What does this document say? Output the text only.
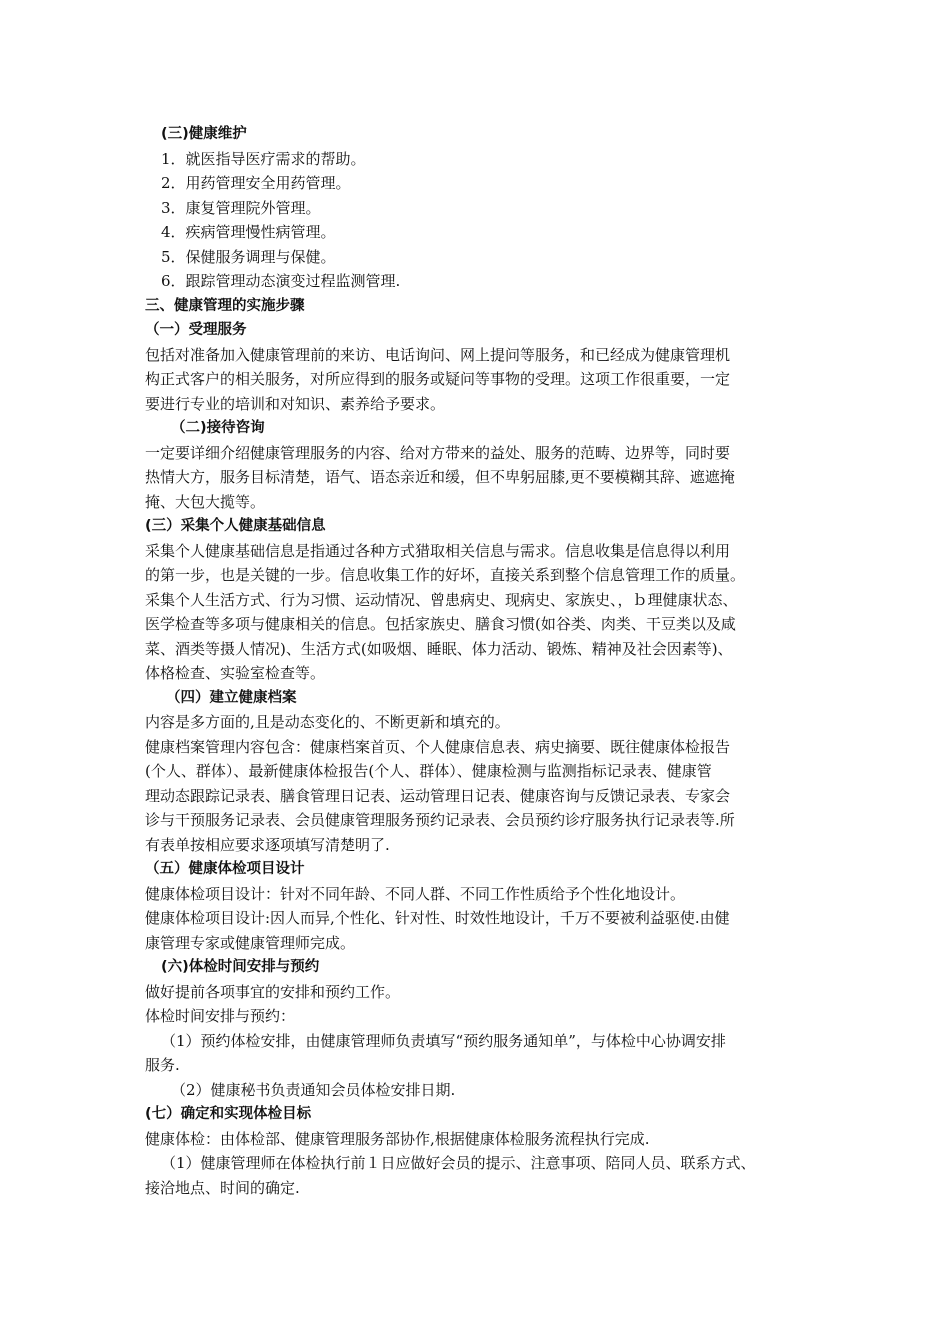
(三)健康维护
1．就医指导医疗需求的帮助。
2．用药管理安全用药管理。
3．康复管理院外管理。
4．疾病管理慢性病管理。
5．保健服务调理与保健。
6．跟踪管理动态演变过程监测管理.
三、健康管理的实施步骤
（一）受理服务
包括对准备加入健康管理前的来访、电话询问、网上提问等服务，和已经成为健康管理机
构正式客户的相关服务，对所应得到的服务或疑问等事物的受理。这项工作很重要，一定
要进行专业的培训和对知识、素养给予要求。
（二)接待咨询
一定要详细介绍健康管理服务的内容、给对方带来的益处、服务的范畴、边界等，同时要
热情大方，服务目标清楚，语气、语态亲近和缓，但不卑躬屈膝,更不要模糊其辞、遮遮掩
掩、大包大揽等。
(三）采集个人健康基础信息
采集个人健康基础信息是指通过各种方式猎取相关信息与需求。信息收集是信息得以利用
的第一步，也是关键的一步。信息收集工作的好坏，直接关系到整个信息管理工作的质量。
采集个人生活方式、行为习惯、运动情况、曾患病史、现病史、家族史、，ｂ理健康状态、
医学检查等多项与健康相关的信息。包括家族史、膳食习惯(如谷类、肉类、干豆类以及咸
菜、酒类等摄人情况)、生活方式(如吸烟、睡眠、体力活动、锻炼、精神及社会因素等)、
体格检查、实验室检查等。
（四）建立健康档案
内容是多方面的,且是动态变化的、不断更新和填充的。
健康档案管理内容包含：健康档案首页、个人健康信息表、病史摘要、既往健康体检报告
(个人、群体）、最新健康体检报告(个人、群体）、健康检测与监测指标记录表、健康管
理动态跟踪记录表、膳食管理日记表、运动管理日记表、健康咨询与反馈记录表、专家会
诊与干预服务记录表、会员健康管理服务预约记录表、会员预约诊疗服务执行记录表等.所
有表单按相应要求逐项填写清楚明了.
（五）健康体检项目设计
健康体检项目设计：针对不同年龄、不同人群、不同工作性质给予个性化地设计。
健康体检项目设计:因人而异,个性化、针对性、时效性地设计，千万不要被利益驱使.由健
康管理专家或健康管理师完成。
(六)体检时间安排与预约
做好提前各项事宜的安排和预约工作。
体检时间安排与预约：
（1）预约体检安排，由健康管理师负责填写“预约服务通知单”，与体检中心协调安排
服务.
（2）健康秘书负责通知会员体检安排日期.
(七）确定和实现体检目标
健康体检：由体检部、健康管理服务部协作,根据健康体检服务流程执行完成.
（1）健康管理师在体检执行前１日应做好会员的提示、注意事项、陪同人员、联系方式、
接洽地点、时间的确定.
